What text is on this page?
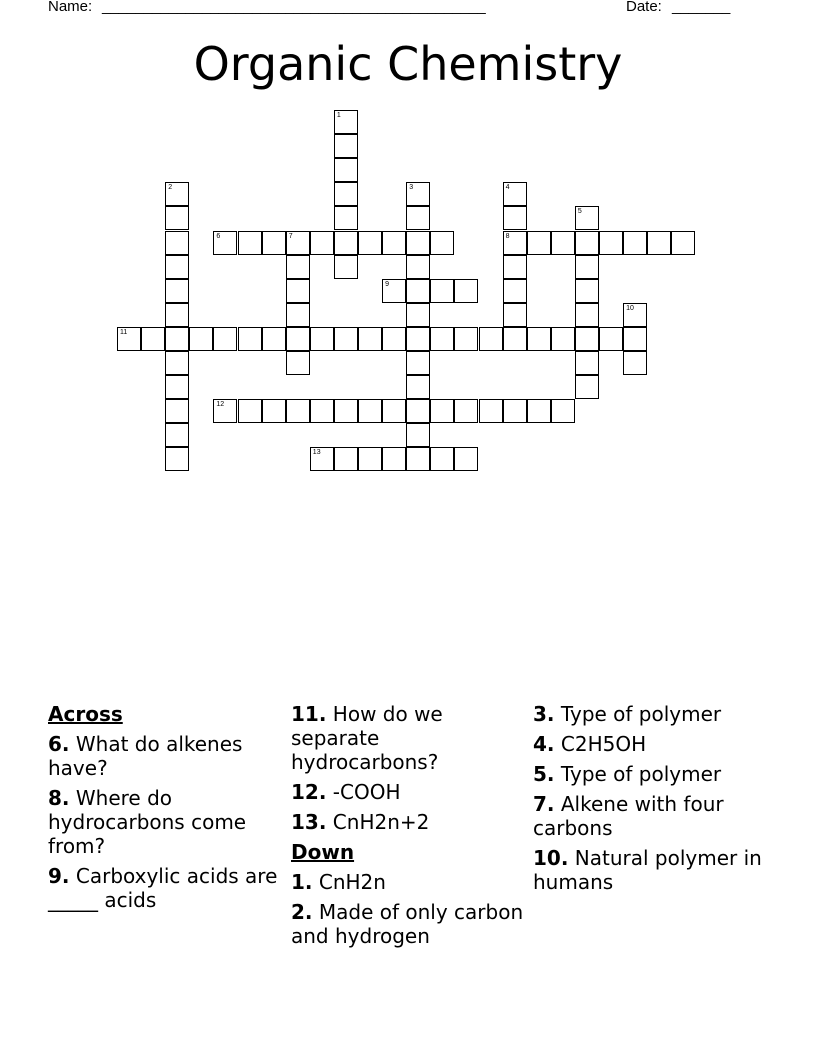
Name: ______________________________________________	Date: _______
Organic Chemistry
1
2	3	4
8
5
6	7
9
10
11
12
13
Across
6. What do alkenes have?
8. Where do hydrocarbons come from?
9. Carboxylic acids are _____ acids
11. How do we separate hydrocarbons?
12. -COOH
13. CnH2n+2
Down
1. CnH2n
2. Made of only carbon and hydrogen
3. Type of polymer
4. C2H5OH
5. Type of polymer
7. Alkene with four carbons
10. Natural polymer in humans
